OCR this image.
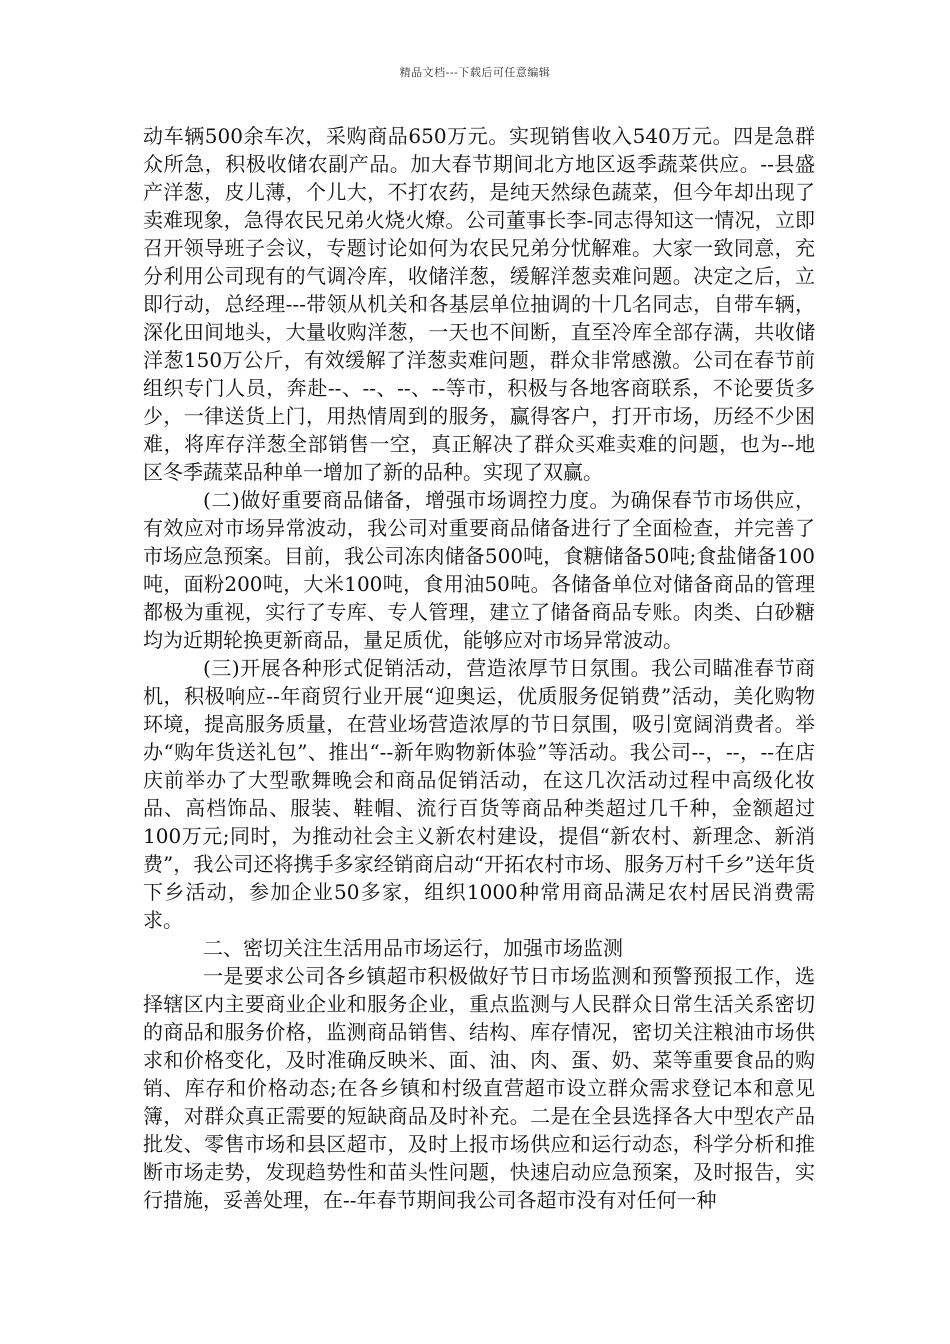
精品文档---下载后可任意编辑

动车辆500余车次，采购商品650万元。实现销售收入540万元。四是急群众所急，积极收储农副产品。加大春节期间北方地区返季蔬菜供应。--县盛产洋葱，皮儿薄，个儿大，不打农药，是纯天然绿色蔬菜，但今年却出现了卖难现象，急得农民兄弟火烧火燎。公司董事长李-同志得知这一情况，立即召开领导班子会议，专题讨论如何为农民兄弟分忧解难。大家一致同意，充分利用公司现有的气调冷库，收储洋葱，缓解洋葱卖难问题。决定之后，立即行动，总经理---带领从机关和各基层单位抽调的十几名同志，自带车辆，深化田间地头，大量收购洋葱，一天也不间断，直至冷库全部存满，共收储洋葱150万公斤，有效缓解了洋葱卖难问题，群众非常感激。公司在春节前组织专门人员，奔赴--、--、--、--等市，积极与各地客商联系，不论要货多少，一律送货上门，用热情周到的服务，赢得客户，打开市场，历经不少困难，将库存洋葱全部销售一空，真正解决了群众买难卖难的问题，也为--地区冬季蔬菜品种单一增加了新的品种。实现了双赢。

(二)做好重要商品储备，增强市场调控力度。为确保春节市场供应，有效应对市场异常波动，我公司对重要商品储备进行了全面检查，并完善了市场应急预案。目前，我公司冻肉储备500吨，食糖储备50吨;食盐储备100吨，面粉200吨，大米100吨，食用油50吨。各储备单位对储备商品的管理都极为重视，实行了专库、专人管理，建立了储备商品专账。肉类、白砂糖均为近期轮换更新商品，量足质优，能够应对市场异常波动。

(三)开展各种形式促销活动，营造浓厚节日氛围。我公司瞄准春节商机，积极响应--年商贸行业开展“迎奥运，优质服务促销费”活动，美化购物环境，提高服务质量，在营业场营造浓厚的节日氛围，吸引宽阔消费者。举办“购年货送礼包”、推出“--新年购物新体验”等活动。我公司--，--，--在店庆前举办了大型歌舞晚会和商品促销活动，在这几次活动过程中高级化妆品、高档饰品、服装、鞋帽、流行百货等商品种类超过几千种，金额超过100万元;同时，为推动社会主义新农村建设，提倡“新农村、新理念、新消费”，我公司还将携手多家经销商启动“开拓农村市场、服务万村千乡”送年货下乡活动，参加企业50多家，组织1000种常用商品满足农村居民消费需求。

二、密切关注生活用品市场运行，加强市场监测

一是要求公司各乡镇超市积极做好节日市场监测和预警预报工作，选择辖区内主要商业企业和服务企业，重点监测与人民群众日常生活关系密切的商品和服务价格，监测商品销售、结构、库存情况，密切关注粮油市场供求和价格变化，及时准确反映米、面、油、肉、蛋、奶、菜等重要食品的购销、库存和价格动态;在各乡镇和村级直营超市设立群众需求登记本和意见簿，对群众真正需要的短缺商品及时补充。二是在全县选择各大中型农产品批发、零售市场和县区超市，及时上报市场供应和运行动态，科学分析和推断市场走势，发现趋势性和苗头性问题，快速启动应急预案，及时报告，实行措施，妥善处理，在--年春节期间我公司各超市没有对任何一种
